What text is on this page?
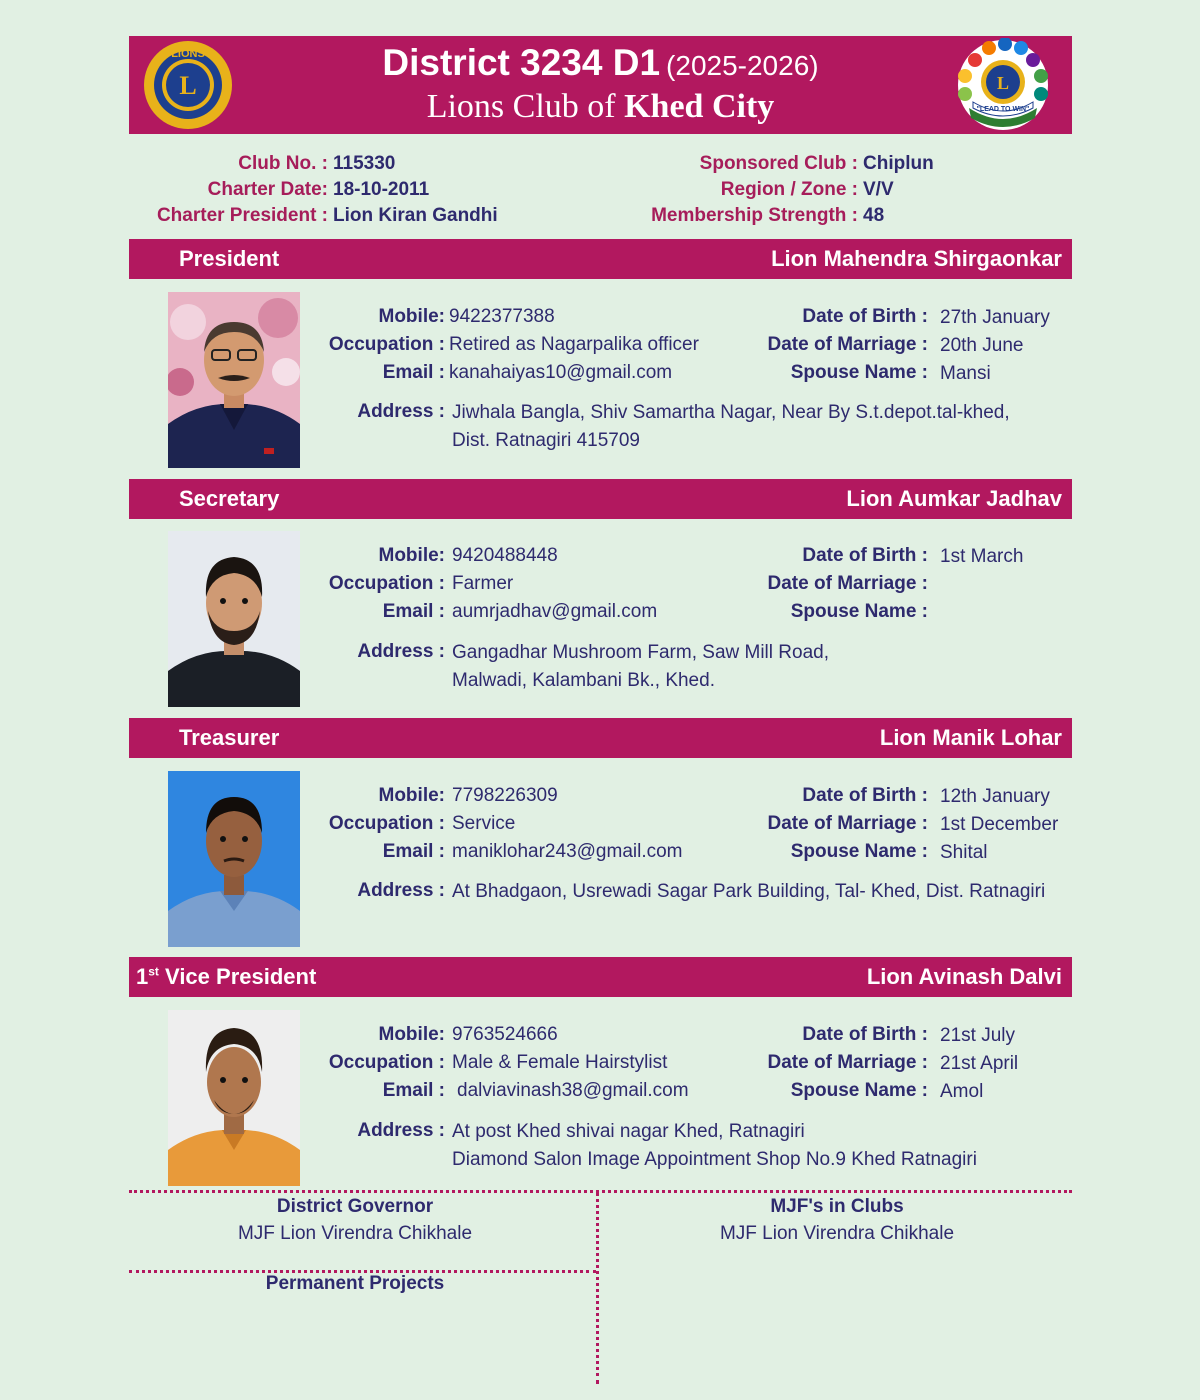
L
LIONS	District 3234 D1 (2025-2026)
Lions Club of Khed City
L
"LEAD TO WIN"
Club No. : 115330
Charter Date: 18-10-2011
Charter President : Lion Kiran Gandhi
Sponsored Club : Chiplun
Region / Zone : V/V
Membership Strength : 48
President	Lion Mahendra Shirgaonkar
Mobile: 9422377388
Occupation : Retired as Nagarpalika officer
Email : kanahaiyas10@gmail.com
Date of Birth : 27th January
Date of Marriage : 20th June
Spouse Name : Mansi
Address : Jiwhala Bangla, Shiv Samartha Nagar, Near By S.t.depot.tal-khed,
Dist. Ratnagiri 415709
Secretary	Lion Aumkar Jadhav
Mobile: 9420488448
Occupation : Farmer
Email : aumrjadhav@gmail.com
Date of Birth : 1st March
Date of Marriage :
Spouse Name :
Address : Gangadhar Mushroom Farm, Saw Mill Road,
Malwadi, Kalambani Bk., Khed.
Treasurer	Lion Manik Lohar
Mobile: 7798226309
Occupation : Service
Email : maniklohar243@gmail.com
Date of Birth : 12th January
Date of Marriage : 1st December
Spouse Name : Shital
Address : At Bhadgaon, Usrewadi Sagar Park Building, Tal- Khed, Dist. Ratnagiri
1st Vice President	Lion Avinash Dalvi
Mobile: 9763524666
Occupation : Male & Female Hairstylist
Email : dalviavinash38@gmail.com
Date of Birth : 21st July
Date of Marriage : 21st April
Spouse Name : Amol
Address : At post Khed shivai nagar Khed, Ratnagiri
Diamond Salon Image Appointment Shop No.9 Khed Ratnagiri
District Governor
MJF Lion Virendra Chikhale
MJF's in Clubs
MJF Lion Virendra Chikhale
Permanent Projects
